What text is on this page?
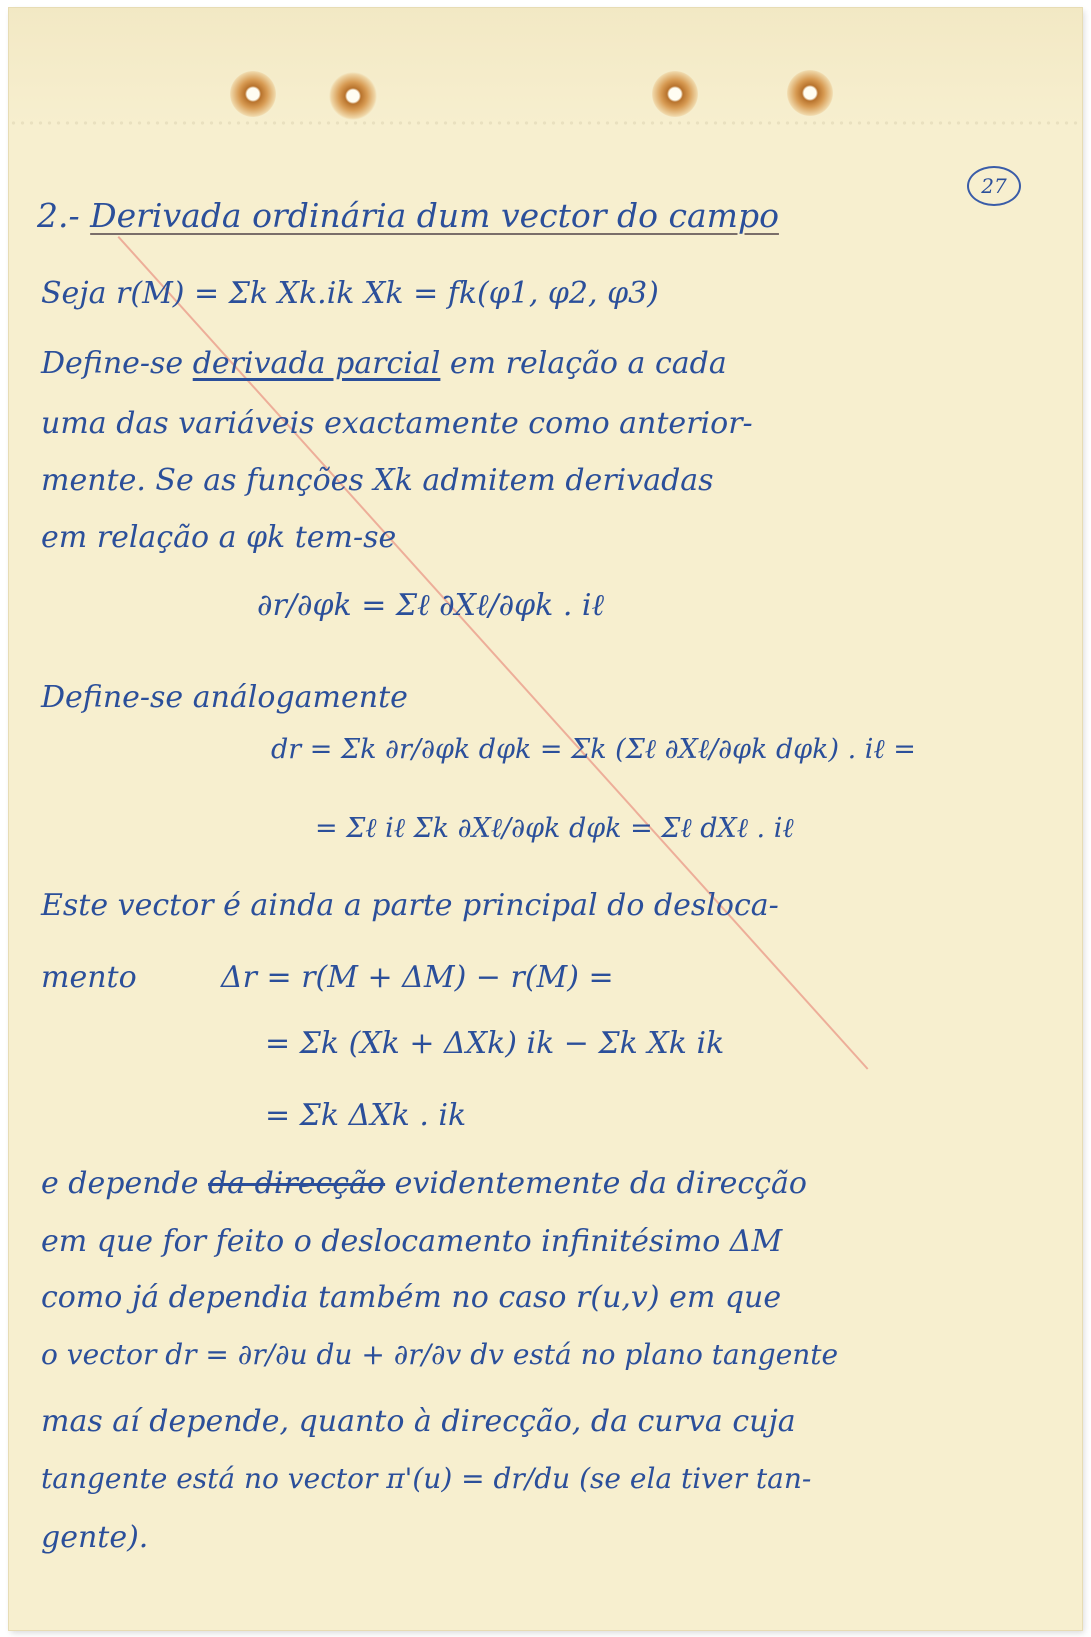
27
2.- Derivada ordinária dum vector do campo
Seja r(M) = Σk Xk.ik Xk = fk(φ1, φ2, φ3)
Define-se derivada parcial em relação a cada
uma das variáveis exactamente como anterior-
mente. Se as funções Xk admitem derivadas
em relação a φk tem-se
∂r/∂φk = Σℓ ∂Xℓ/∂φk . iℓ
Define-se análogamente
dr = Σk ∂r/∂φk dφk = Σk (Σℓ ∂Xℓ/∂φk dφk) . iℓ =
= Σℓ iℓ Σk ∂Xℓ/∂φk dφk = Σℓ dXℓ . iℓ
Este vector é ainda a parte principal do desloca-
mento	Δr = r(M + ΔM) − r(M) =
= Σk (Xk + ΔXk) ik − Σk Xk ik
= Σk ΔXk . ik
e depende da direcção evidentemente da direcção
em que for feito o deslocamento infinitésimo ΔM
como já dependia também no caso r(u,v) em que
o vector dr = ∂r/∂u du + ∂r/∂v dv está no plano tangente
mas aí depende, quanto à direcção, da curva cuja
tangente está no vector π'(u) = dr/du (se ela tiver tan-
gente).
